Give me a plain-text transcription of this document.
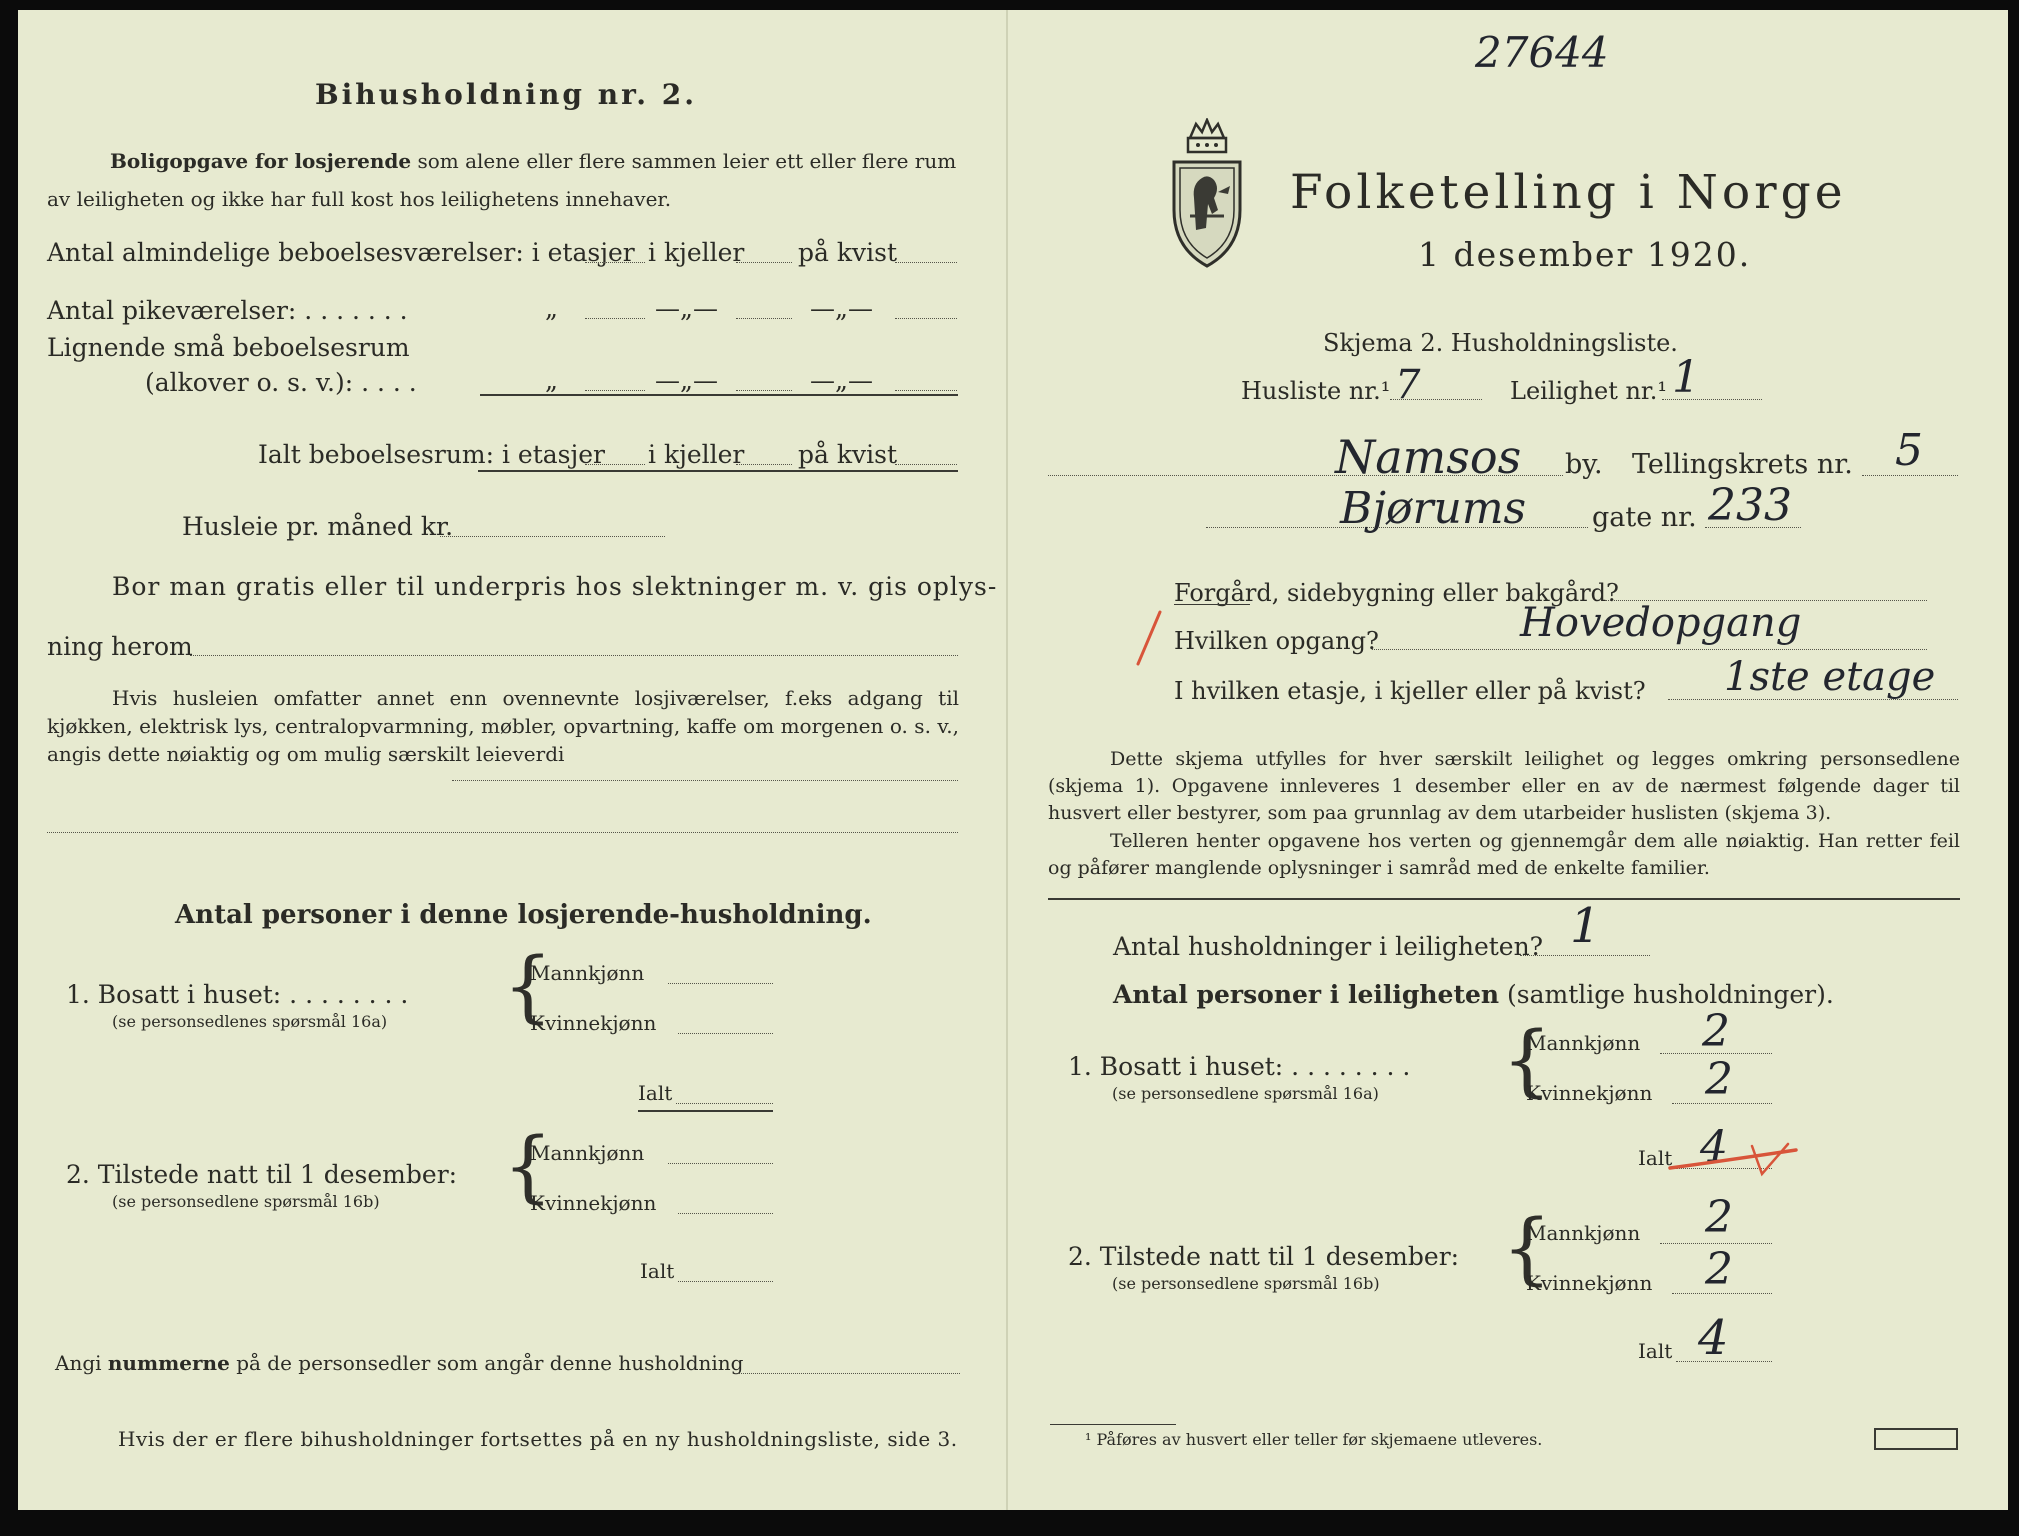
Bihusholdning nr. 2.
Boligopgave for losjerende som alene eller flere sammen leier ett eller flere rum
av leiligheten og ikke har full kost hos leilighetens innehaver.
Antal almindelige beboelsesværelser: i etasjer i kjeller på kvist
Antal pikeværelser: . . . . . . .	„	—„—	—„—
Lignende små beboelsesrum
(alkover o. s. v.): . . . .	„	—„—	—„—
Ialt beboelsesrum: i etasjer i kjeller på kvist
Husleie pr. måned kr.
Bor man gratis eller til underpris hos slektninger m. v. gis oplys-
ning herom
Hvis husleien omfatter annet enn ovennevnte losjiværelser, f.eks adgang til kjøkken, elektrisk lys, centralopvarmning, møbler, opvartning, kaffe om morgenen o. s. v., angis dette nøiaktig og om mulig særskilt leieverdi
Antal personer i denne losjerende-husholdning.
1. Bosatt i huset: . . . . . . . .
(se personsedlenes spørsmål 16a) {
Mannkjønn
Kvinnekjønn
Ialt
2. Tilstede natt til 1 desember:
(se personsedlene spørsmål 16b) {
Mannkjønn
Kvinnekjønn
Ialt
Angi nummerne på de personsedler som angår denne husholdning
Hvis der er flere bihusholdninger fortsettes på en ny husholdningsliste, side 3.
27644
Folketelling i Norge
1 desember 1920.
Skjema 2. Husholdningsliste.
Husliste nr.¹ 7	Leilighet nr.¹ 1
Namsos by. Tellingskrets nr. 5
Bjørums gate nr. 233
Forgård, sidebygning eller bakgård?
Hvilken opgang?	Hovedopgang
I hvilken etasje, i kjeller eller på kvist? 1ste etage
Dette skjema utfylles for hver særskilt leilighet og legges omkring personsedlene (skjema 1). Opgavene innleveres 1 desember eller en av de nærmest følgende dager til husvert eller bestyrer, som paa grunnlag av dem utarbeider huslisten (skjema 3).
Telleren henter opgavene hos verten og gjennemgår dem alle nøiaktig. Han retter feil og påfører manglende oplysninger i samråd med de enkelte familier.
Antal husholdninger i leiligheten? 1
Antal personer i leiligheten (samtlige husholdninger).
1. Bosatt i huset: . . . . . . . .
(se personsedlene spørsmål 16a) {
Mannkjønn 2
Kvinnekjønn 2
Ialt 4
2. Tilstede natt til 1 desember:
(se personsedlene spørsmål 16b) {
Mannkjønn 2
Kvinnekjønn 2
Ialt 4
¹ Påføres av husvert eller teller før skjemaene utleveres.
